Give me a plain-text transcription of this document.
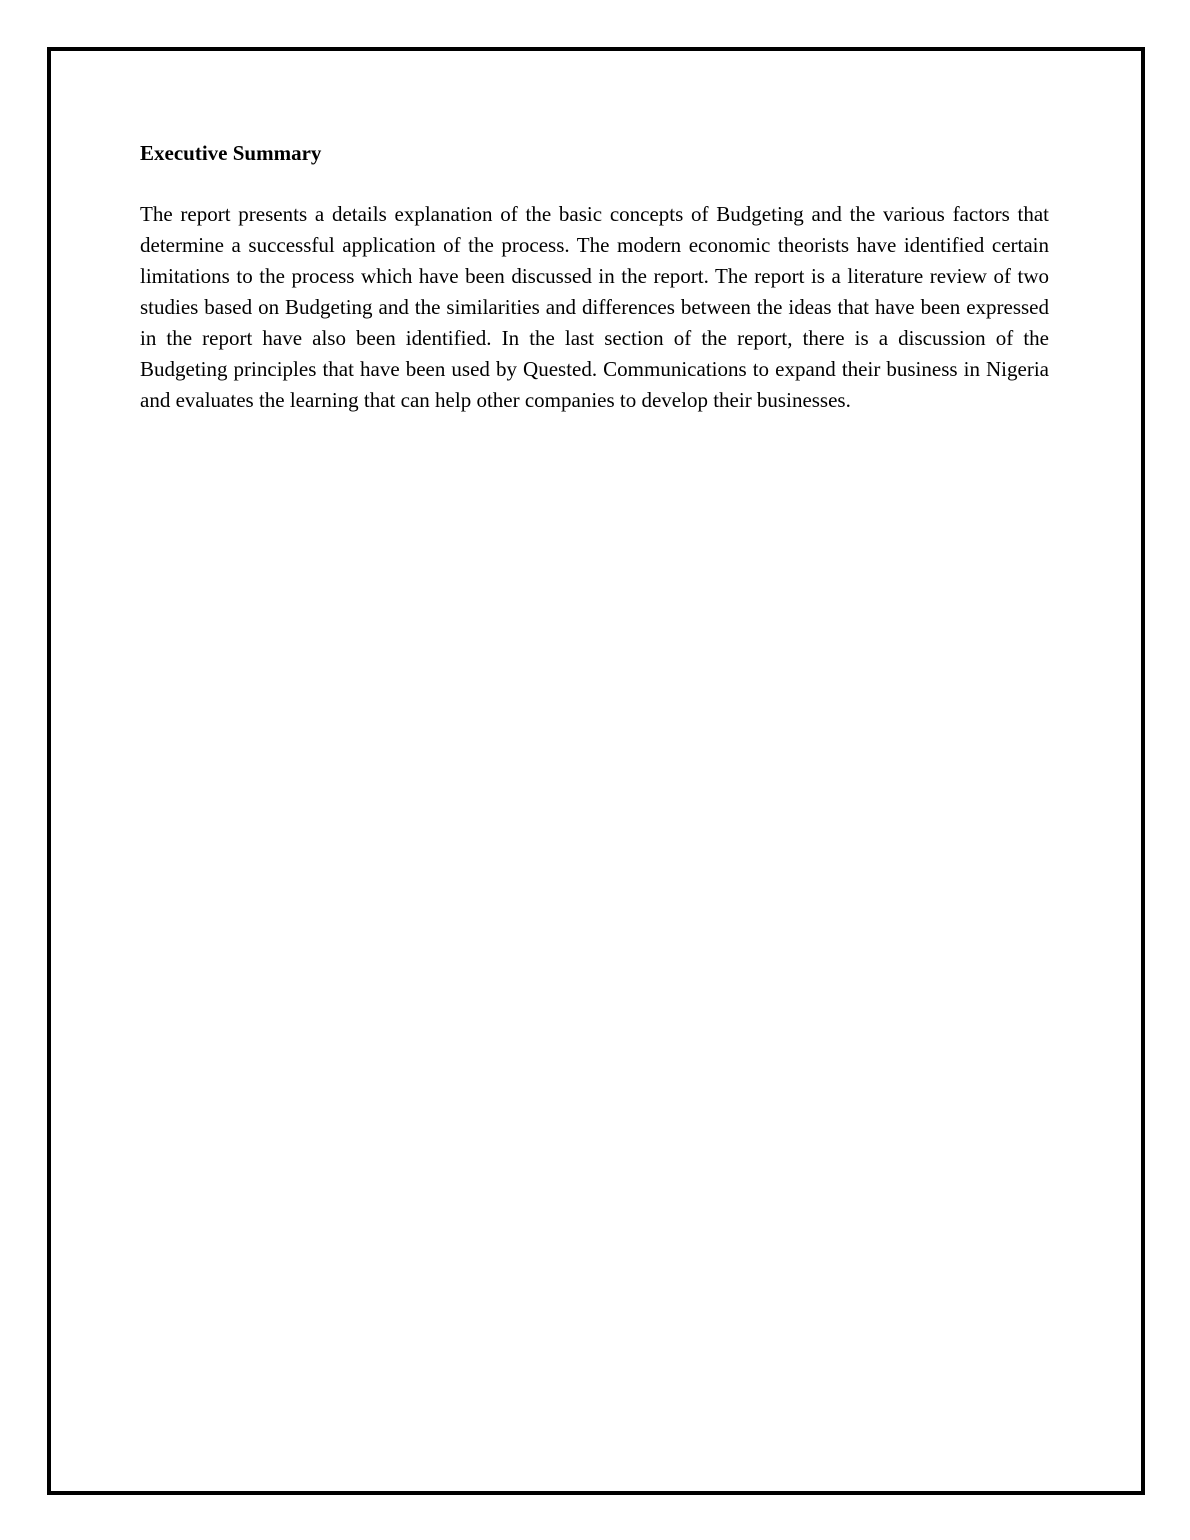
Executive Summary

The report presents a details explanation of the basic concepts of Budgeting and the various factors that determine a successful application of the process. The modern economic theorists have identified certain limitations to the process which have been discussed in the report. The report is a literature review of two studies based on Budgeting and the similarities and differences between the ideas that have been expressed in the report have also been identified. In the last section of the report, there is a discussion of the Budgeting principles that have been used by Quested. Communications to expand their business in Nigeria and evaluates the learning that can help other companies to develop their businesses.
